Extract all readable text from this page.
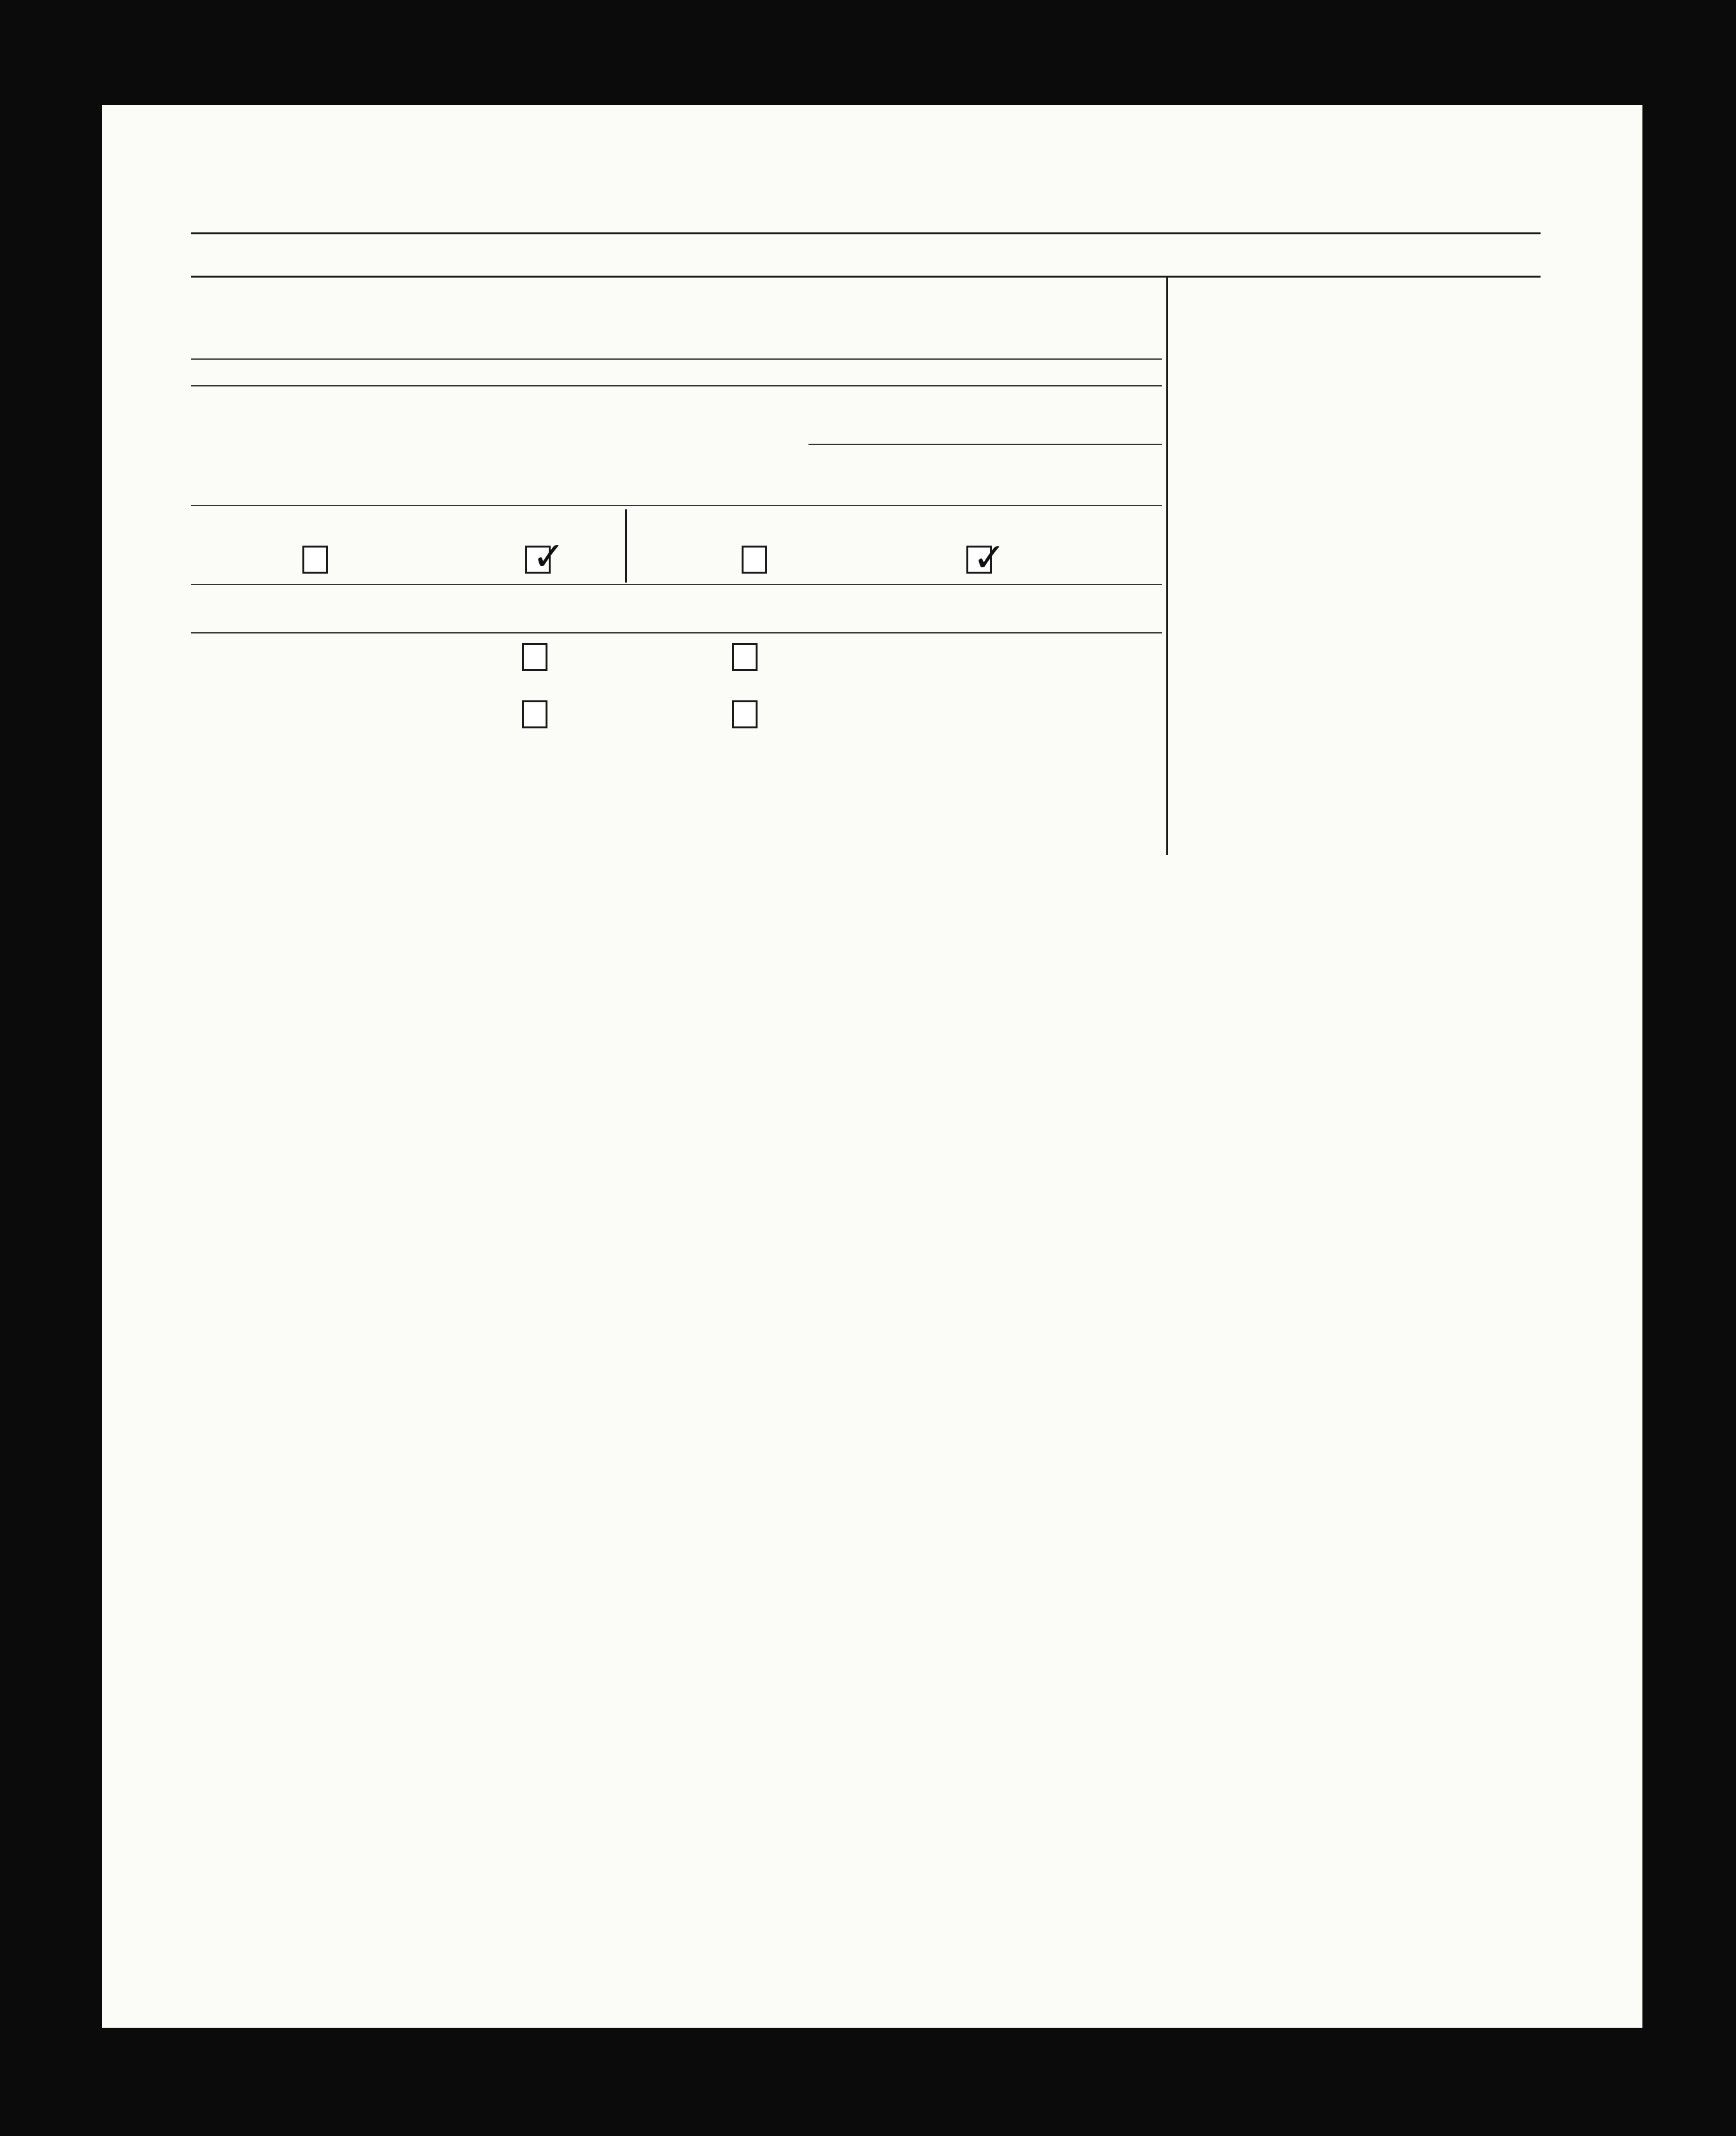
✓	✓
